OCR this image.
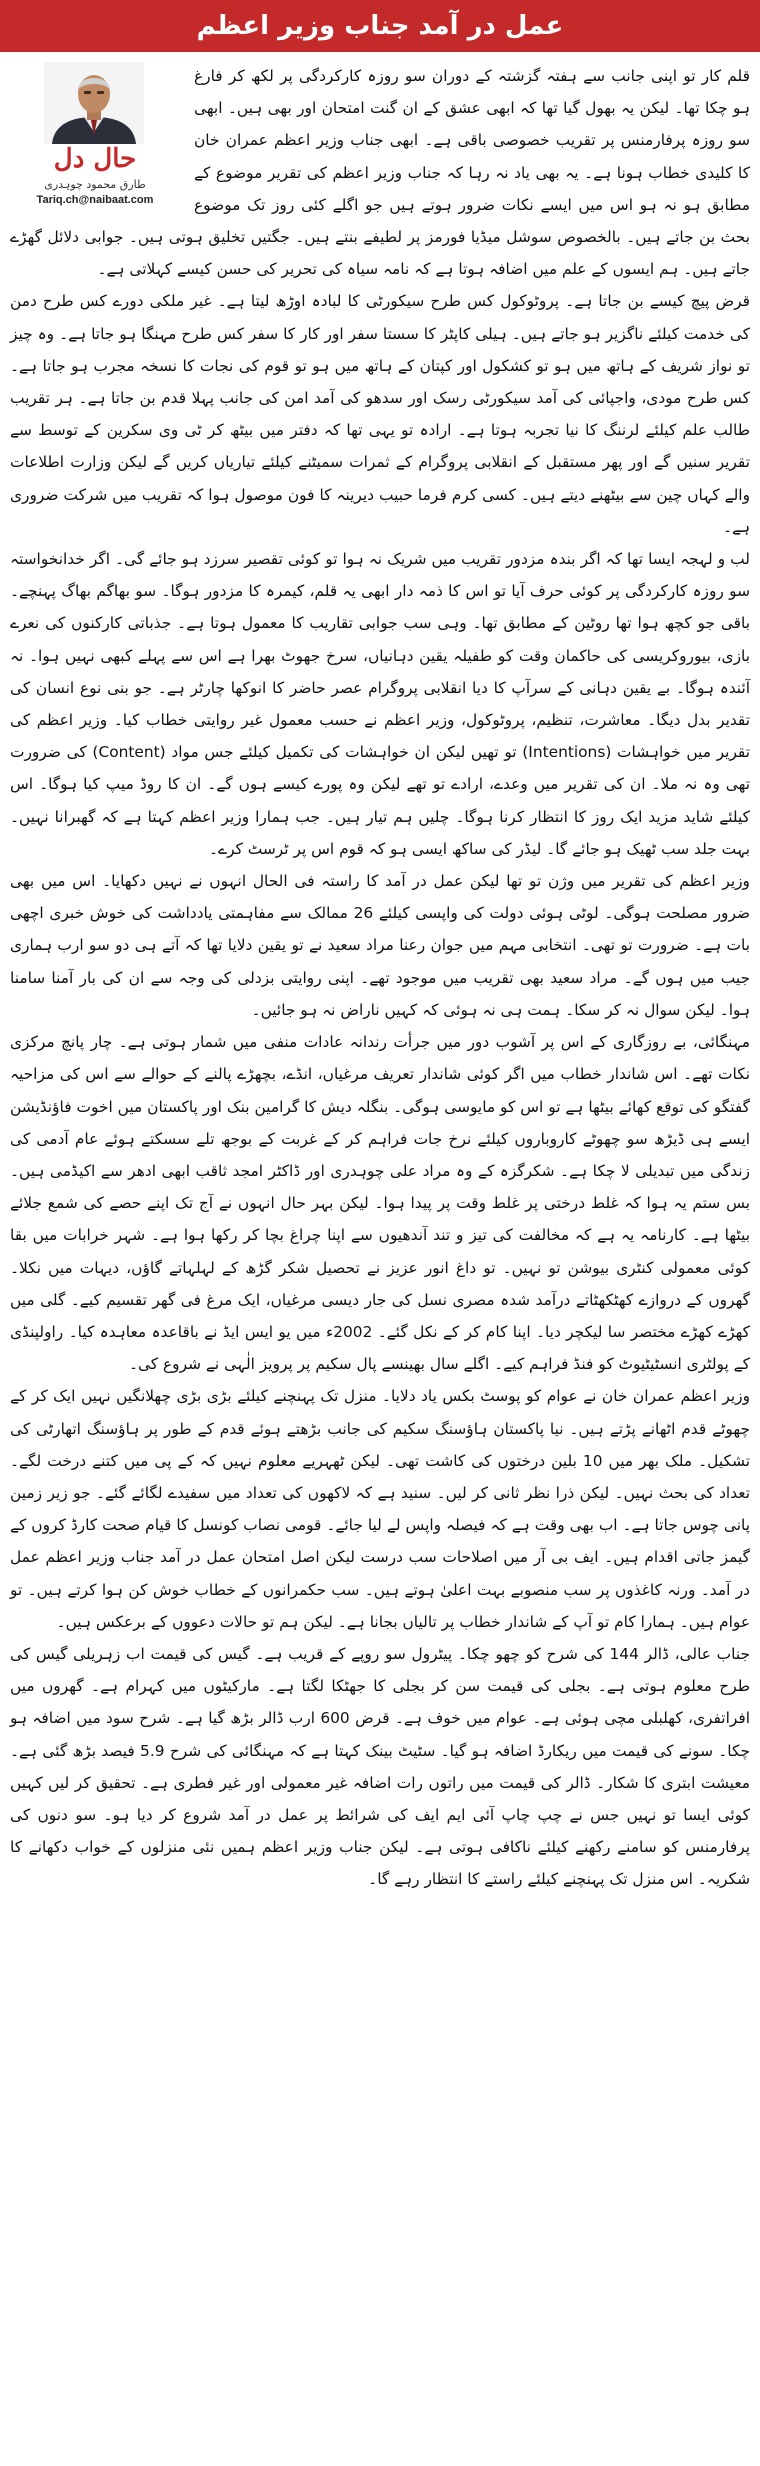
عمل در آمد جناب وزیر اعظم
حال دل
طارق محمود چوہدری
Tariq.ch@naibaat.com

قلم کار تو اپنی جانب سے ہفتہ گزشتہ کے دوران سو روزہ کارکردگی پر لکھ کر فارغ ہو چکا تھا۔ لیکن یہ بھول گیا تھا کہ ابھی عشق کے ان گنت امتحان اور بھی ہیں۔ ابھی سو روزہ پرفارمنس پر تقریب خصوصی باقی ہے۔ ابھی جناب وزیر اعظم عمران خان کا کلیدی خطاب ہونا ہے۔ یہ بھی یاد نہ رہا کہ جناب وزیر اعظم کی تقریر موضوع کے مطابق ہو نہ ہو اس میں ایسے نکات ضرور ہوتے ہیں جو اگلے کئی روز تک موضوع بحث بن جاتے ہیں۔ بالخصوص سوشل میڈیا فورمز پر لطیفے بنتے ہیں۔ جگتیں تخلیق ہوتی ہیں۔ جوابی دلائل گھڑے جاتے ہیں۔ ہم ایسوں کے علم میں اضافہ ہوتا ہے کہ نامہ سیاہ کی تحریر کی حسن کیسے کہلاتی ہے۔

قرض پیچ کیسے بن جاتا ہے۔ پروٹوکول کس طرح سیکورٹی کا لبادہ اوڑھ لیتا ہے۔ غیر ملکی دورے کس طرح دمن کی خدمت کیلئے ناگزیر ہو جاتے ہیں۔ ہیلی کاپٹر کا سستا سفر اور کار کا سفر کس طرح مہنگا ہو جاتا ہے۔ وہ چیز تو نواز شریف کے ہاتھ میں ہو تو کشکول اور کپتان کے ہاتھ میں ہو تو قوم کی نجات کا نسخہ مجرب ہو جاتا ہے۔ کس طرح مودی، واجپائی کی آمد سیکورٹی رسک اور سدھو کی آمد امن کی جانب پہلا قدم بن جاتا ہے۔ ہر تقریب طالب علم کیلئے لرننگ کا نیا تجربہ ہوتا ہے۔ ارادہ تو یہی تھا کہ دفتر میں بیٹھ کر ٹی وی سکرین کے توسط سے تقریر سنیں گے اور پھر مستقبل کے انقلابی پروگرام کے ثمرات سمیٹنے کیلئے تیاریاں کریں گے لیکن وزارت اطلاعات والے کہاں چین سے بیٹھنے دیتے ہیں۔ کسی کرم فرما حبیب دیرینہ کا فون موصول ہوا کہ تقریب میں شرکت ضروری ہے۔

لب و لہجہ ایسا تھا کہ اگر بندہ مزدور تقریب میں شریک نہ ہوا تو کوئی تقصیر سرزد ہو جائے گی۔ اگر خدانخواستہ سو روزہ کارکردگی پر کوئی حرف آیا تو اس کا ذمہ دار ابھی یہ قلم، کیمرہ کا مزدور ہوگا۔ سو بھاگم بھاگ پہنچے۔ باقی جو کچھ ہوا تھا روٹین کے مطابق تھا۔ وہی سب جوابی تقاریب کا معمول ہوتا ہے۔ جذباتی کارکنوں کی نعرے بازی، بیوروکریسی کی حاکمان وقت کو طفیلہ یقین دہانیاں، سرخ جھوٹ بھرا ہے اس سے پہلے کبھی نہیں ہوا۔ نہ آئندہ ہوگا۔ بے یقین دہانی کے سرآپ کا دیا انقلابی پروگرام عصر حاضر کا انوکھا چارٹر ہے۔ جو بنی نوع انسان کی تقدیر بدل دیگا۔ معاشرت، تنظیم، پروٹوکول، وزیر اعظم نے حسب معمول غیر روایتی خطاب کیا۔ وزیر اعظم کی تقریر میں خواہشات (Intentions) تو تھیں لیکن ان خواہشات کی تکمیل کیلئے جس مواد (Content) کی ضرورت تھی وہ نہ ملا۔ ان کی تقریر میں وعدے، ارادے تو تھے لیکن وہ پورے کیسے ہوں گے۔ ان کا روڈ میپ کیا ہوگا۔ اس کیلئے شاید مزید ایک روز کا انتظار کرنا ہوگا۔ چلیں ہم تیار ہیں۔ جب ہمارا وزیر اعظم کہتا ہے کہ گھبرانا نہیں۔ بہت جلد سب ٹھیک ہو جائے گا۔ لیڈر کی ساکھ ایسی ہو کہ قوم اس پر ٹرسٹ کرے۔

وزیر اعظم کی تقریر میں وژن تو تھا لیکن عمل در آمد کا راستہ فی الحال انہوں نے نہیں دکھایا۔ اس میں بھی ضرور مصلحت ہوگی۔ لوٹی ہوئی دولت کی واپسی کیلئے 26 ممالک سے مفاہمتی یادداشت کی خوش خبری اچھی بات ہے۔ ضرورت تو تھی۔ انتخابی مہم میں جوان رعنا مراد سعید نے تو یقین دلایا تھا کہ آتے ہی دو سو ارب ہماری جیب میں ہوں گے۔ مراد سعید بھی تقریب میں موجود تھے۔ اپنی روایتی بزدلی کی وجہ سے ان کی بار آمنا سامنا ہوا۔ لیکن سوال نہ کر سکا۔ ہمت ہی نہ ہوئی کہ کہیں ناراض نہ ہو جائیں۔

مہنگائی، بے روزگاری کے اس پر آشوب دور میں جرأت رندانہ عادات منفی میں شمار ہوتی ہے۔ چار پانچ مرکزی نکات تھے۔ اس شاندار خطاب میں اگر کوئی شاندار تعریف مرغیاں، انڈے، بچھڑے پالنے کے حوالے سے اس کی مزاحیہ گفتگو کی توقع کھائے بیٹھا ہے تو اس کو مایوسی ہوگی۔ بنگلہ دیش کا گرامین بنک اور پاکستان میں اخوت فاؤنڈیشن ایسے ہی ڈیڑھ سو چھوٹے کاروباروں کیلئے نرخ جات فراہم کر کے غربت کے بوجھ تلے سسکتے ہوئے عام آدمی کی زندگی میں تبدیلی لا چکا ہے۔ شکرگزہ کے وہ مراد علی چوہدری اور ڈاکٹر امجد ثاقب ابھی ادھر سے اکیڈمی ہیں۔ بس ستم یہ ہوا کہ غلط درختی پر غلط وقت پر پیدا ہوا۔ لیکن بہر حال انہوں نے آج تک اپنے حصے کی شمع جلائے بیٹھا ہے۔ کارنامہ یہ ہے کہ مخالفت کی تیز و تند آندھیوں سے اپنا چراغ بچا کر رکھا ہوا ہے۔ شہر خرابات میں بقا کوئی معمولی کنٹری بیوشن تو نہیں۔ تو داغ انور عزیز نے تحصیل شکر گڑھ کے لہلہاتے گاؤں، دیہات میں نکلا۔ گھروں کے دروازے کھٹکھٹاتے درآمد شدہ مصری نسل کی جار دیسی مرغیاں، ایک مرغ فی گھر تقسیم کیے۔ گلی میں کھڑے کھڑے مختصر سا لیکچر دیا۔ اپنا کام کر کے نکل گئے۔ 2002ء میں یو ایس ایڈ نے باقاعدہ معاہدہ کیا۔ راولپنڈی کے پولٹری انسٹیٹیوٹ کو فنڈ فراہم کیے۔ اگلے سال بھینسے پال سکیم پر پرویز الٰہی نے شروع کی۔

وزیر اعظم عمران خان نے عوام کو پوسٹ بکس یاد دلایا۔ منزل تک پہنچنے کیلئے بڑی بڑی چھلانگیں نہیں ایک کر کے چھوٹے قدم اٹھانے پڑتے ہیں۔ نیا پاکستان ہاؤسنگ سکیم کی جانب بڑھتے ہوئے قدم کے طور پر ہاؤسنگ اتھارٹی کی تشکیل۔ ملک بھر میں 10 بلین درختوں کی کاشت تھی۔ لیکن ٹھہریے معلوم نہیں کہ کے پی میں کتنے درخت لگے۔ تعداد کی بحث نہیں۔ لیکن ذرا نظر ثانی کر لیں۔ سنید ہے کہ لاکھوں کی تعداد میں سفیدے لگائے گئے۔ جو زیر زمین پانی چوس جاتا ہے۔ اب بھی وقت ہے کہ فیصلہ واپس لے لیا جائے۔ قومی نصاب کونسل کا قیام صحت کارڈ کروں کے گیمز جاتی اقدام ہیں۔ ایف بی آر میں اصلاحات سب درست لیکن اصل امتحان عمل در آمد جناب وزیر اعظم عمل در آمد۔ ورنہ کاغذوں پر سب منصوبے بہت اعلیٰ ہوتے ہیں۔ سب حکمرانوں کے خطاب خوش کن ہوا کرتے ہیں۔ تو عوام ہیں۔ ہمارا کام تو آپ کے شاندار خطاب پر تالیاں بجانا ہے۔ لیکن ہم تو حالات دعووں کے برعکس ہیں۔

جناب عالی، ڈالر 144 کی شرح کو چھو چکا۔ پیٹرول سو روپے کے قریب ہے۔ گیس کی قیمت اب زہریلی گیس کی طرح معلوم ہوتی ہے۔ بجلی کی قیمت سن کر بجلی کا جھٹکا لگتا ہے۔ مارکیٹوں میں کہرام ہے۔ گھروں میں افراتفری، کھلبلی مچی ہوئی ہے۔ عوام میں خوف ہے۔ قرض 600 ارب ڈالر بڑھ گیا ہے۔ شرح سود میں اضافہ ہو چکا۔ سونے کی قیمت میں ریکارڈ اضافہ ہو گیا۔ سٹیٹ بینک کہتا ہے کہ مہنگائی کی شرح 5.9 فیصد بڑھ گئی ہے۔ معیشت ابتری کا شکار۔ ڈالر کی قیمت میں راتوں رات اضافہ غیر معمولی اور غیر فطری ہے۔ تحقیق کر لیں کہیں کوئی ایسا تو نہیں جس نے چپ چاپ آئی ایم ایف کی شرائط پر عمل در آمد شروع کر دیا ہو۔ سو دنوں کی پرفارمنس کو سامنے رکھنے کیلئے ناکافی ہوتی ہے۔ لیکن جناب وزیر اعظم ہمیں نئی منزلوں کے خواب دکھانے کا شکریہ۔ اس منزل تک پہنچنے کیلئے راستے کا انتظار رہے گا۔
